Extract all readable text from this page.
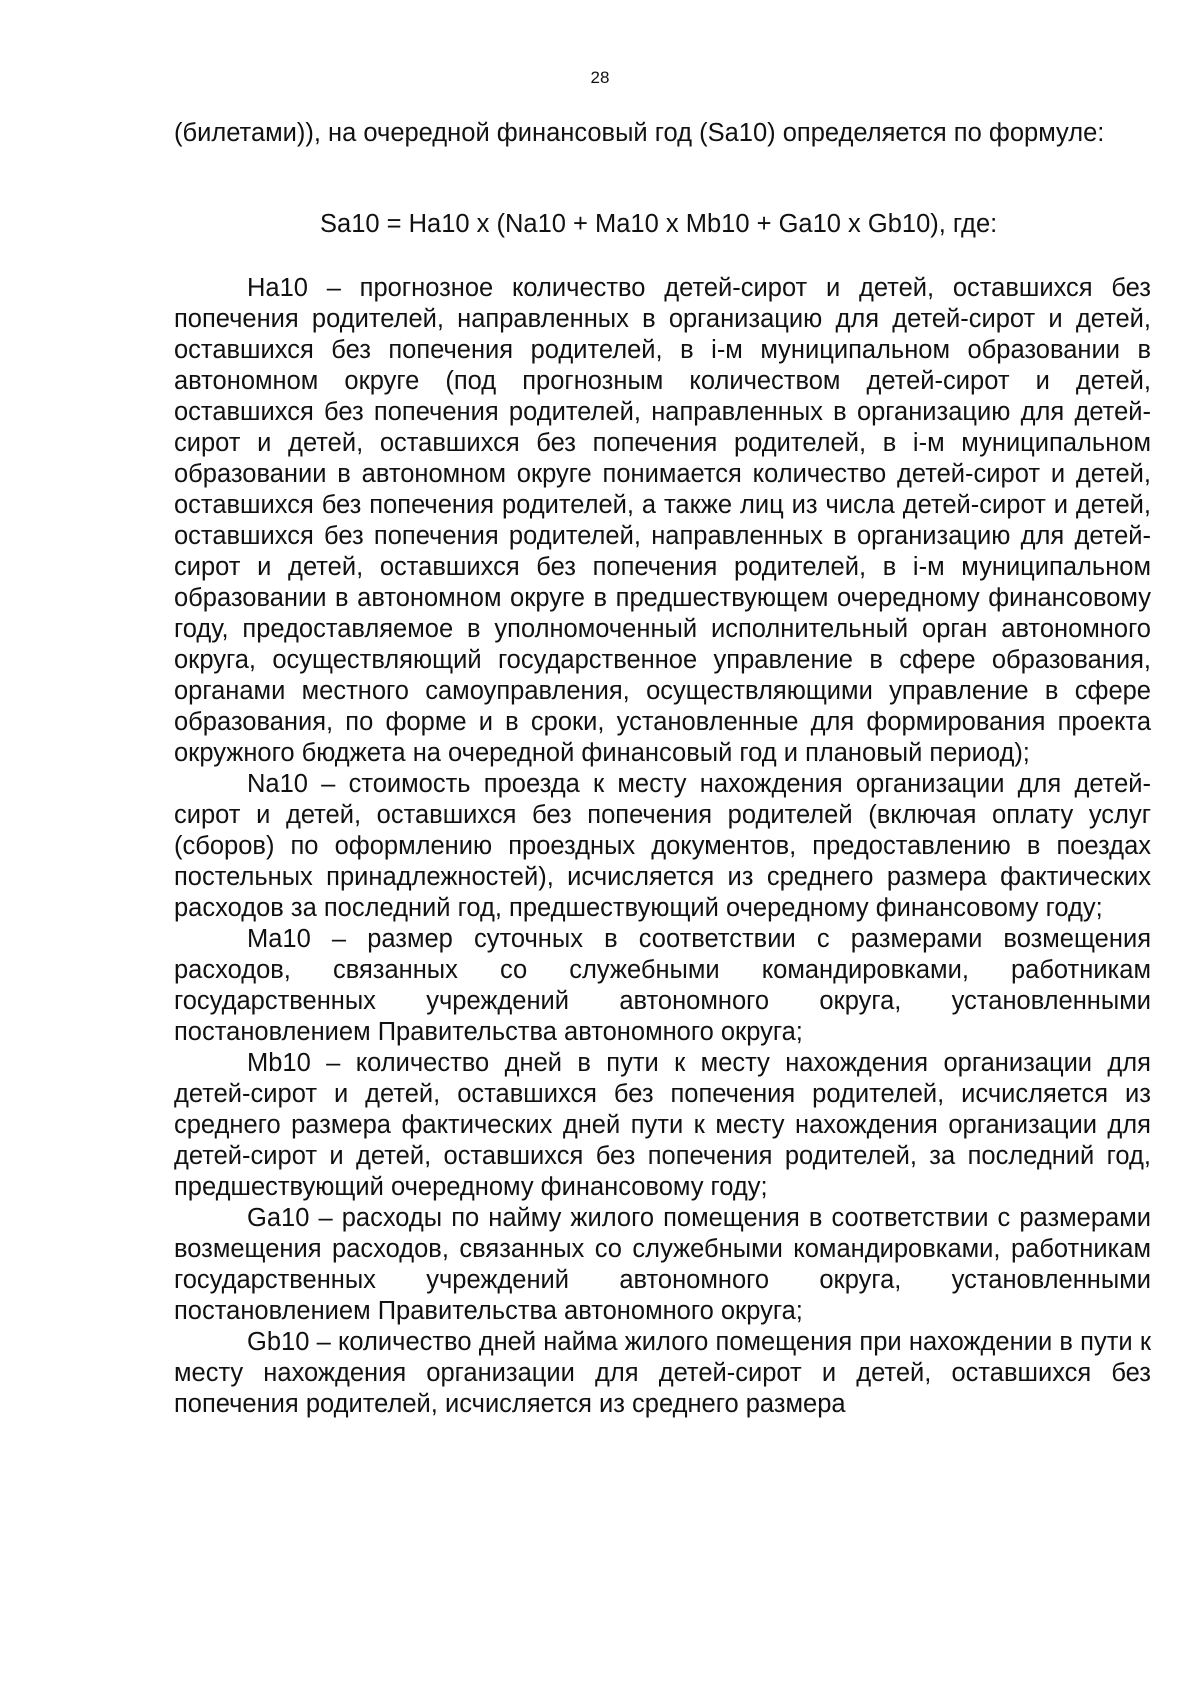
28

(билетами)), на очередной финансовый год (Sa10) определяется по формуле:

Sa10 = Ha10 x (Na10 + Ma10 x Mb10 + Ga10 x Gb10), где:

Ha10 – прогнозное количество детей-сирот и детей, оставшихся без попечения родителей, направленных в организацию для детей-сирот и детей, оставшихся без попечения родителей, в i-м муниципальном образовании в автономном округе (под прогнозным количеством детей-сирот и детей, оставшихся без попечения родителей, направленных в организацию для детей-сирот и детей, оставшихся без попечения родителей, в i-м муниципальном образовании в автономном округе понимается количество детей-сирот и детей, оставшихся без попечения родителей, а также лиц из числа детей-сирот и детей, оставшихся без попечения родителей, направленных в организацию для детей-сирот и детей, оставшихся без попечения родителей, в i-м муниципальном образовании в автономном округе в предшествующем очередному финансовому году, предоставляемое в уполномоченный исполнительный орган автономного округа, осуществляющий государственное управление в сфере образования, органами местного самоуправления, осуществляющими управление в сфере образования, по форме и в сроки, установленные для формирования проекта окружного бюджета на очередной финансовый год и плановый период);

Na10 – стоимость проезда к месту нахождения организации для детей-сирот и детей, оставшихся без попечения родителей (включая оплату услуг (сборов) по оформлению проездных документов, предоставлению в поездах постельных принадлежностей), исчисляется из среднего размера фактических расходов за последний год, предшествующий очередному финансовому году;

Ma10 – размер суточных в соответствии с размерами возмещения расходов, связанных со служебными командировками, работникам государственных учреждений автономного округа, установленными постановлением Правительства автономного округа;

Mb10 – количество дней в пути к месту нахождения организации для детей-сирот и детей, оставшихся без попечения родителей, исчисляется из среднего размера фактических дней пути к месту нахождения организации для детей-сирот и детей, оставшихся без попечения родителей, за последний год, предшествующий очередному финансовому году;

Ga10 – расходы по найму жилого помещения в соответствии с размерами возмещения расходов, связанных со служебными командировками, работникам государственных учреждений автономного округа, установленными постановлением Правительства автономного округа;

Gb10 – количество дней найма жилого помещения при нахождении в пути к месту нахождения организации для детей-сирот и детей, оставшихся без попечения родителей, исчисляется из среднего размера
